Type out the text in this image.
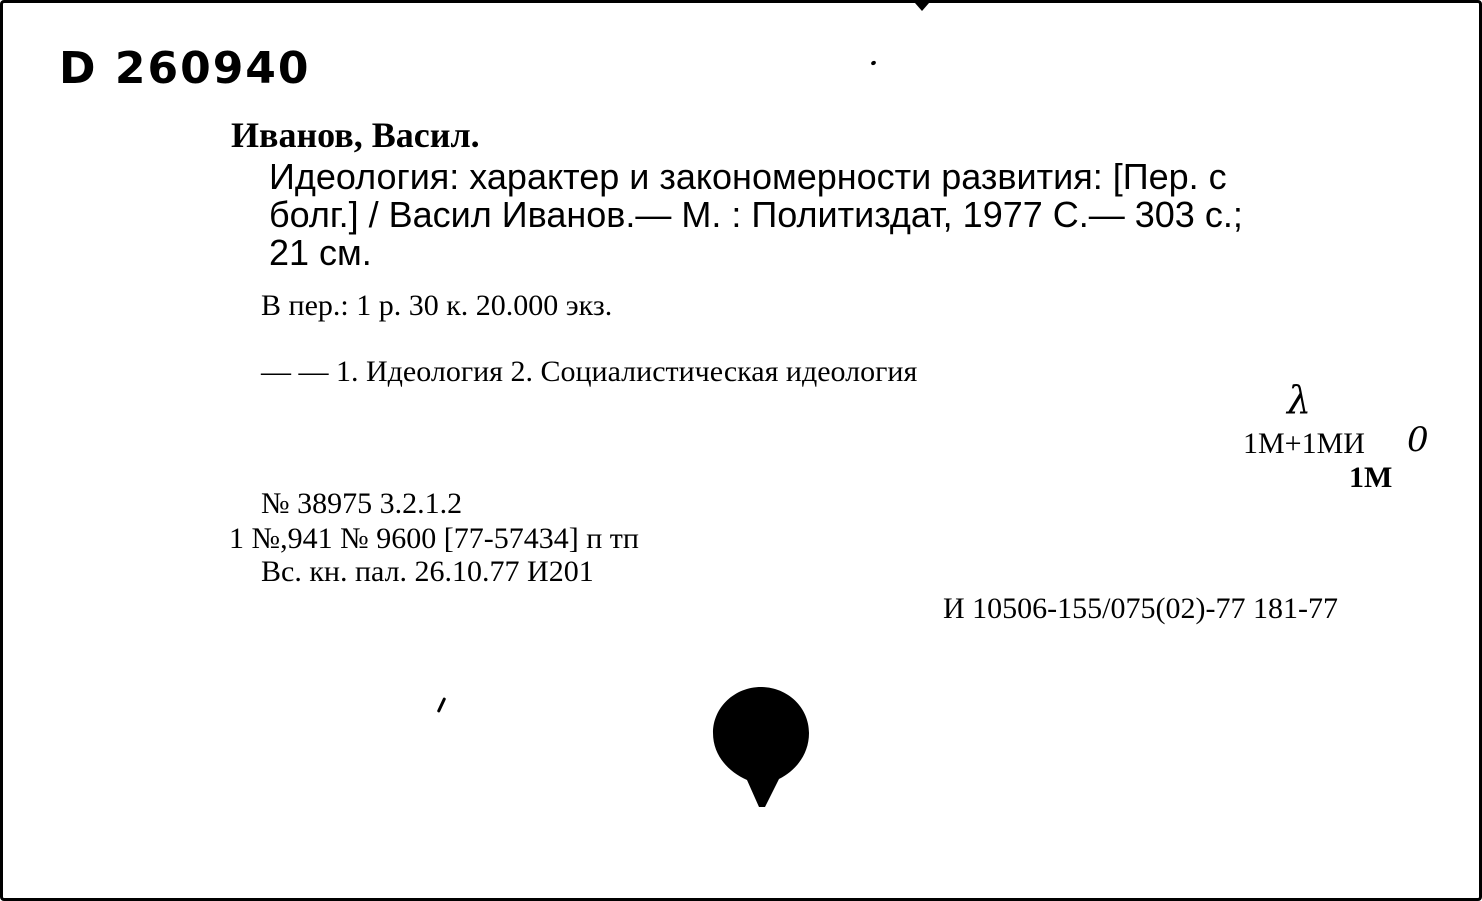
D 260940
Иванов, Васил.
Идеология: характер и закономерности развития: [Пер. с
болг.] / Васил Иванов.— М. : Политиздат, 1977 С.— 303 с.;
21 см.
В пер.: 1 р. 30 к. 20.000 экз.
— — 1. Идеология 2. Социалистическая идеология
λ
1М+1МИ 0
1М
№ 38975 3.2.1.2
1 №,941 № 9600 [77-57434] п тп
Вс. кн. пал. 26.10.77 И201
И 10506-155/075(02)-77 181-77
